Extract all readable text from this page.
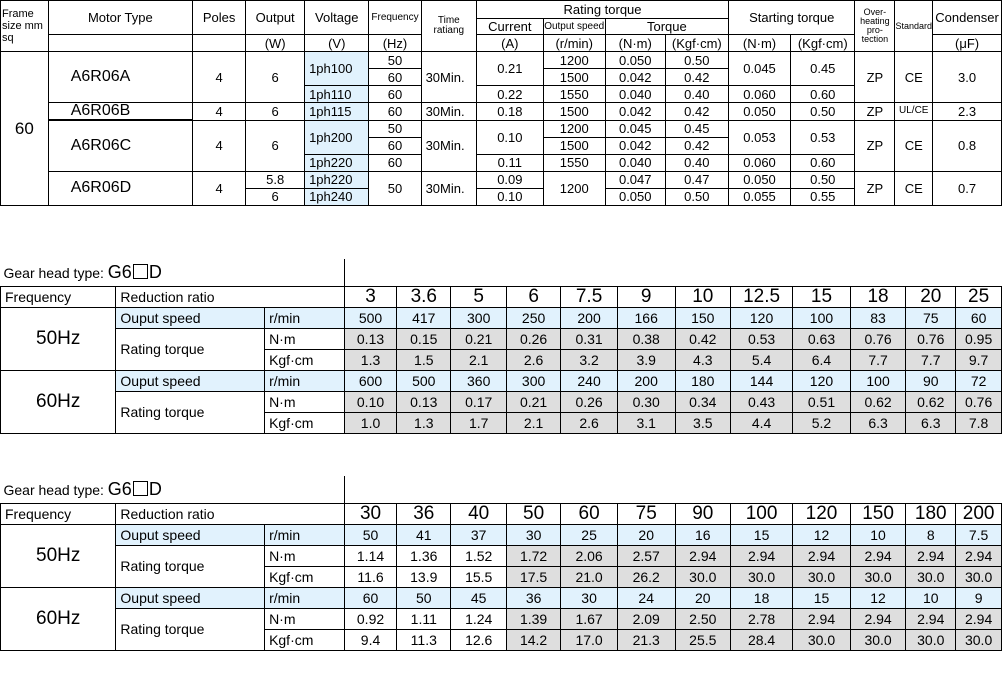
Frame size mm sq	Motor Type	Poles	Output	Voltage	Frequency	Time ratiang	Rating torque				Starting torque		Over-heating pro-tection	Standard	Condenser
							Current	Output speed	Torque						
			(W)	(V)	(Hz)		(A)	(r/min)	(N·m)	(Kgf·cm)	(N·m)	(Kgf·cm)			(μF)
60	A6R06A	4	6	1ph100	50	30Min.	0.21	1200	0.050	0.50	0.045	0.45	ZP	CE	3.0
					60			1500	0.042	0.42					
				1ph110	60		0.22	1550	0.040	0.40	0.060	0.60			
	A6R06B	4	6	1ph115	60	30Min.	0.18	1500	0.042	0.42	0.050	0.50	ZP	UL/CE	2.3
	A6R06C	4	6	1ph200	50	30Min.	0.10	1200	0.045	0.45	0.053	0.53	ZP	CE	0.8
					60			1500	0.042	0.42					
				1ph220	60		0.11	1550	0.040	0.40	0.060	0.60			
	A6R06D	4	5.8	1ph220	50	30Min.	0.09	1200	0.047	0.47	0.050	0.50	ZP	CE	0.7
			6	1ph240			0.10		0.050	0.50	0.055	0.55			
Gear head type: G6 D														
Frequency	Reduction ratio		3	3.6	5	6	7.5	9	10	12.5	15	18	20	25
50Hz	Ouput speed	r/min	500	417	300	250	200	166	150	120	100	83	75	60
	Rating torque	N·m	0.13	0.15	0.21	0.26	0.31	0.38	0.42	0.53	0.63	0.76	0.76	0.95
		Kgf·cm	1.3	1.5	2.1	2.6	3.2	3.9	4.3	5.4	6.4	7.7	7.7	9.7
60Hz	Ouput speed	r/min	600	500	360	300	240	200	180	144	120	100	90	72
	Rating torque	N·m	0.10	0.13	0.17	0.21	0.26	0.30	0.34	0.43	0.51	0.62	0.62	0.76
		Kgf·cm	1.0	1.3	1.7	2.1	2.6	3.1	3.5	4.4	5.2	6.3	6.3	7.8
Gear head type: G6 D														
Frequency	Reduction ratio		30	36	40	50	60	75	90	100	120	150	180	200
50Hz	Ouput speed	r/min	50	41	37	30	25	20	16	15	12	10	8	7.5
	Rating torque	N·m	1.14	1.36	1.52	1.72	2.06	2.57	2.94	2.94	2.94	2.94	2.94	2.94
		Kgf·cm	11.6	13.9	15.5	17.5	21.0	26.2	30.0	30.0	30.0	30.0	30.0	30.0
60Hz	Ouput speed	r/min	60	50	45	36	30	24	20	18	15	12	10	9
	Rating torque	N·m	0.92	1.11	1.24	1.39	1.67	2.09	2.50	2.78	2.94	2.94	2.94	2.94
		Kgf·cm	9.4	11.3	12.6	14.2	17.0	21.3	25.5	28.4	30.0	30.0	30.0	30.0
